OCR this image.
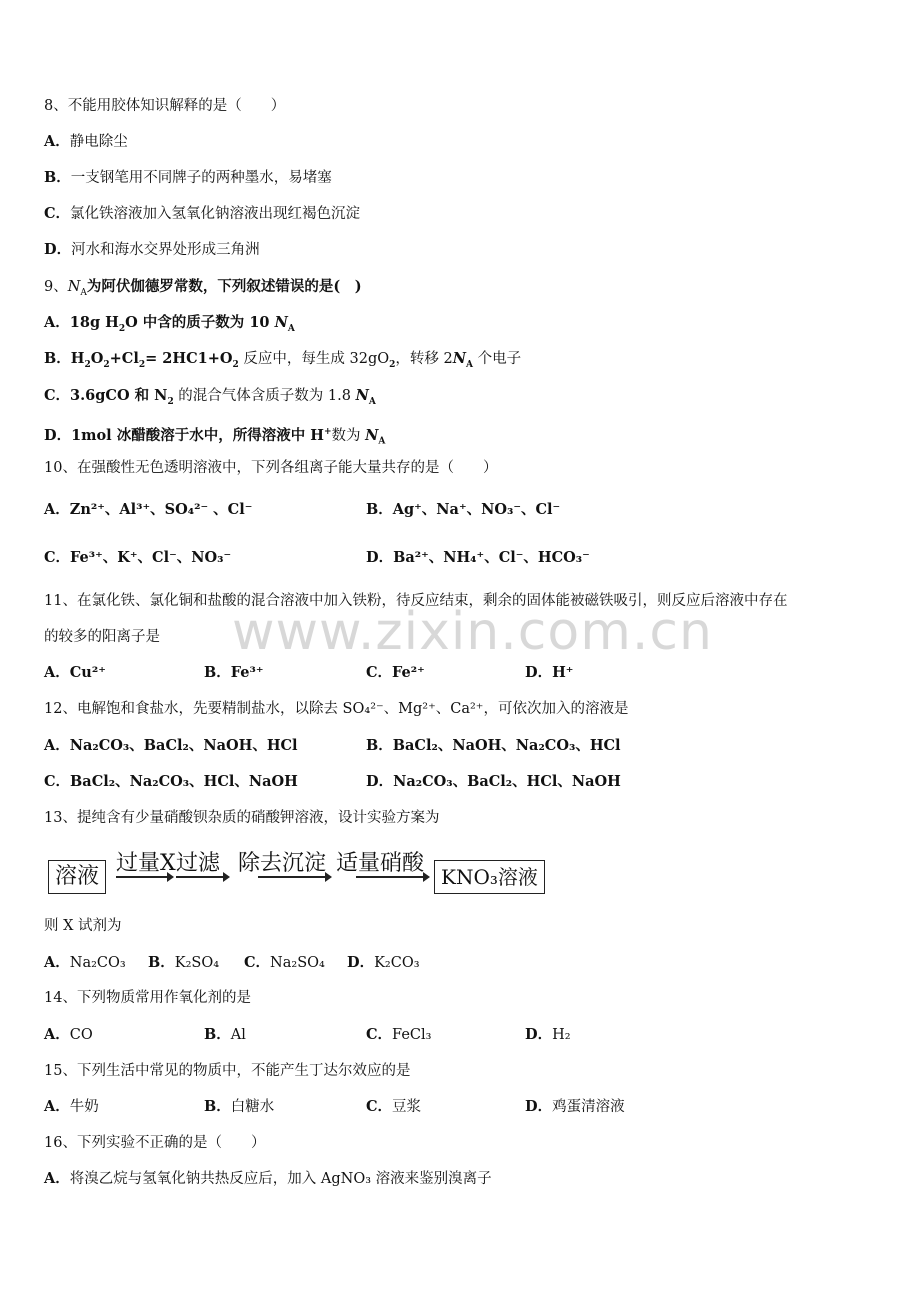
www.zixin.com.cn
8、不能用胶体知识解释的是（　　）
A．静电除尘
B．一支钢笔用不同牌子的两种墨水，易堵塞
C．氯化铁溶液加入氢氧化钠溶液出现红褐色沉淀
D．河水和海水交界处形成三角洲
9、$N_A$为阿伏伽德罗常数，下列叙述错误的是(　)
A．18g $H_2O$ 中含的质子数为 10 $N_A$
B．$H_2O_2+Cl_2= 2HC1+O_2$ 反应中，每生成 $32gO_2$，转移 $2N_A$ 个电子
C．3.6gCO 和 $N_2$ 的混合气体含质子数为 1.8 $N_A$
D．1mol 冰醋酸溶于水中，所得溶液中 H+数为 $N_A$
10、在强酸性无色透明溶液中，下列各组离子能大量共存的是（　　）
A．Zn²⁺、Al³⁺、SO₄²⁻ 、Cl⁻	B．Ag⁺、Na⁺、NO₃⁻、Cl⁻
C．Fe³⁺、K⁺、Cl⁻、NO₃⁻	D．Ba²⁺、NH₄⁺、Cl⁻、HCO₃⁻
11、在氯化铁、氯化铜和盐酸的混合溶液中加入铁粉，待反应结束，剩余的固体能被磁铁吸引，则反应后溶液中存在
的较多的阳离子是
A．Cu²⁺	B．Fe³⁺	C．Fe²⁺	D．H⁺
12、电解饱和食盐水，先要精制盐水，以除去 SO₄²⁻、Mg²⁺、Ca²⁺，可依次加入的溶液是
A．Na₂CO₃、BaCl₂、NaOH、HCl	B．BaCl₂、NaOH、Na₂CO₃、HCl
C．BaCl₂、Na₂CO₃、HCl、NaOH	D．Na₂CO₃、BaCl₂、HCl、NaOH
13、提纯含有少量硝酸钡杂质的硝酸钾溶液，设计实验方案为
溶液
过量X 过滤 除去沉淀 适量硝酸
KNO₃溶液
则 X 试剂为
A．Na₂CO₃ B．K₂SO₄ C．Na₂SO₄ D．K₂CO₃
14、下列物质常用作氧化剂的是
A．CO	B．Al	C．FeCl₃	D．H₂
15、下列生活中常见的物质中，不能产生丁达尔效应的是
A．牛奶	B．白糖水	C．豆浆	D．鸡蛋清溶液
16、下列实验不正确的是（　　）
A．将溴乙烷与氢氧化钠共热反应后，加入 AgNO₃ 溶液来鉴别溴离子
